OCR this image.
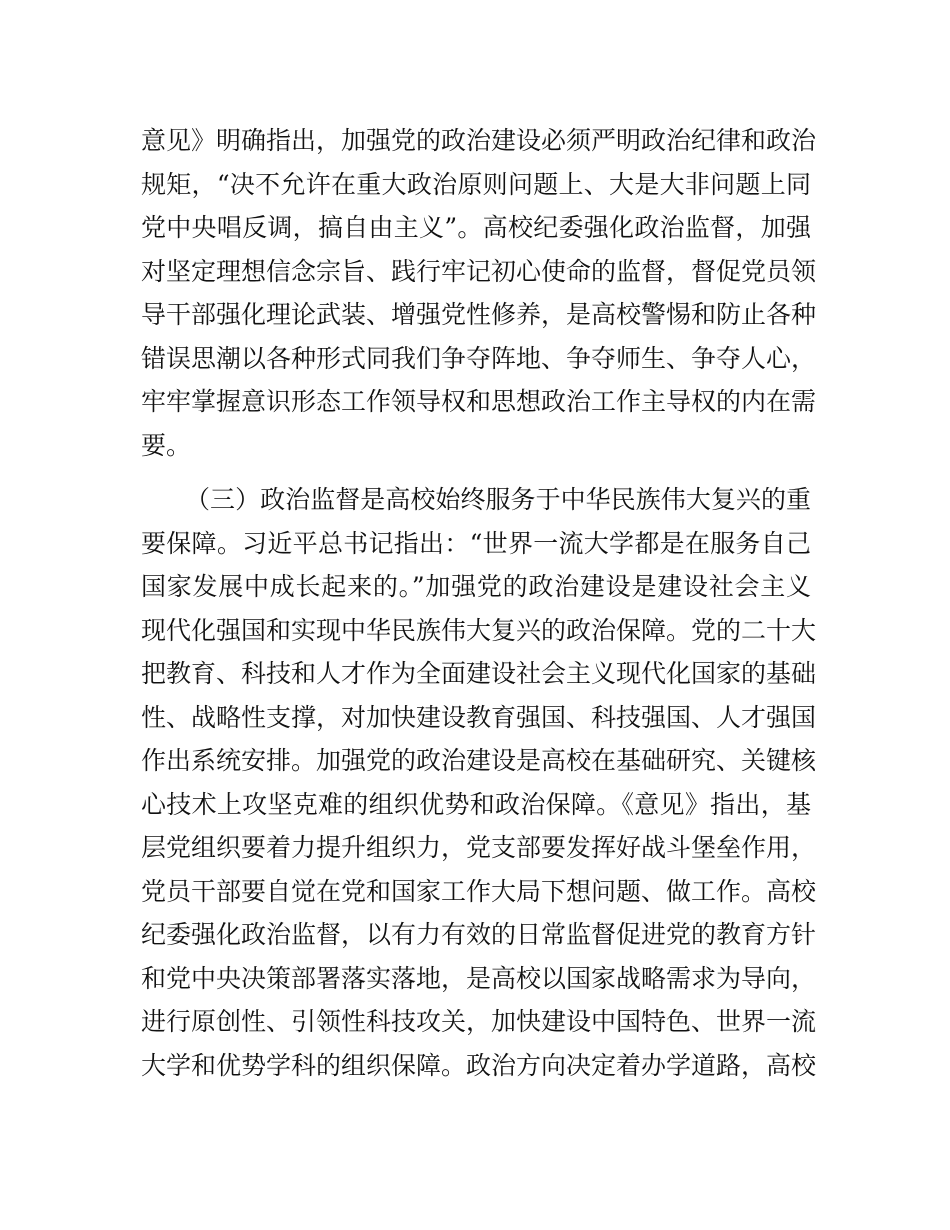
意见》明确指出，加强党的政治建设必须严明政治纪律和政治
规矩，“决不允许在重大政治原则问题上、大是大非问题上同
党中央唱反调，搞自由主义”。高校纪委强化政治监督，加强
对坚定理想信念宗旨、践行牢记初心使命的监督，督促党员领
导干部强化理论武装、增强党性修养，是高校警惕和防止各种
错误思潮以各种形式同我们争夺阵地、争夺师生、争夺人心，
牢牢掌握意识形态工作领导权和思想政治工作主导权的内在需
要。
（三）政治监督是高校始终服务于中华民族伟大复兴的重
要保障。习近平总书记指出：“世界一流大学都是在服务自己
国家发展中成长起来的。”加强党的政治建设是建设社会主义
现代化强国和实现中华民族伟大复兴的政治保障。党的二十大
把教育、科技和人才作为全面建设社会主义现代化国家的基础
性、战略性支撑，对加快建设教育强国、科技强国、人才强国
作出系统安排。加强党的政治建设是高校在基础研究、关键核
心技术上攻坚克难的组织优势和政治保障。《意见》指出，基
层党组织要着力提升组织力，党支部要发挥好战斗堡垒作用，
党员干部要自觉在党和国家工作大局下想问题、做工作。高校
纪委强化政治监督，以有力有效的日常监督促进党的教育方针
和党中央决策部署落实落地，是高校以国家战略需求为导向，
进行原创性、引领性科技攻关，加快建设中国特色、世界一流
大学和优势学科的组织保障。政治方向决定着办学道路，高校
